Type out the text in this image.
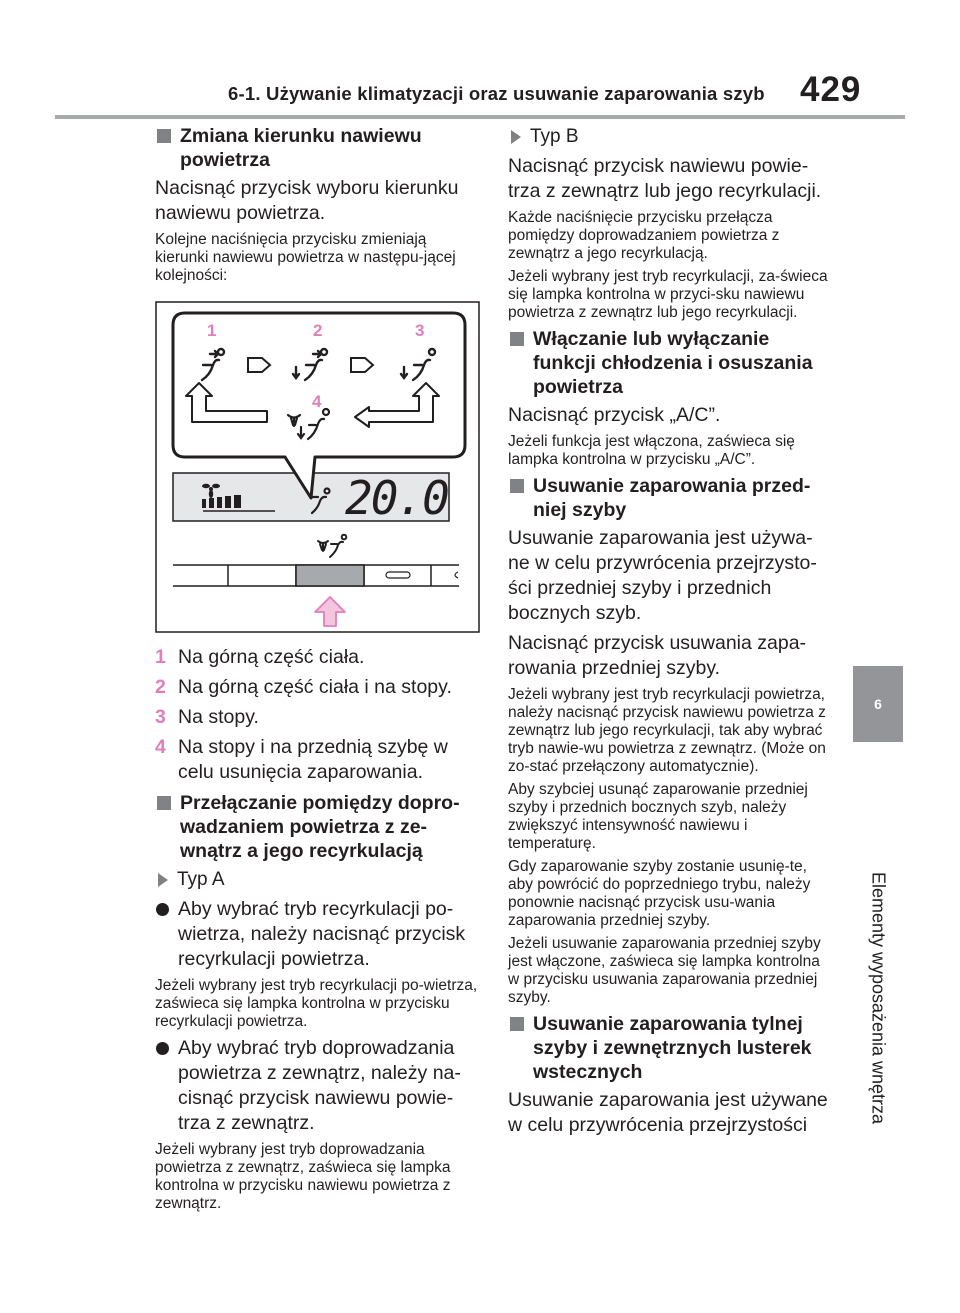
6-1. Używanie klimatyzacji oraz usuwanie zaparowania szyb 429
6
Elementy wyposażenia wnętrza
Zmiana kierunku nawiewu powietrza

Nacisnąć przycisk wyboru kierunku nawiewu powietrza.

Kolejne naciśnięcia przycisku zmieniają kierunki nawiewu powietrza w następu-jącej kolejności:

1	2	3
4
20.0
1 Na górną część ciała.
2 Na górną część ciała i na stopy.
3 Na stopy.
4 Na stopy i na przednią szybę w celu usunięcia zaparowania.
Przełączanie pomiędzy dopro-wadzaniem powietrza z ze-wnątrz a jego recyrkulacją
Typ A
Aby wybrać tryb recyrkulacji po-wietrza, należy nacisnąć przycisk recyrkulacji powietrza.

Jeżeli wybrany jest tryb recyrkulacji po-wietrza, zaświeca się lampka kontrolna w przycisku recyrkulacji powietrza.

Aby wybrać tryb doprowadzania powietrza z zewnątrz, należy na-cisnąć przycisk nawiewu powie-trza z zewnątrz.

Jeżeli wybrany jest tryb doprowadzania powietrza z zewnątrz, zaświeca się lampka kontrolna w przycisku nawiewu powietrza z zewnątrz.

Typ B

Nacisnąć przycisk nawiewu powie-trza z zewnątrz lub jego recyrkulacji.

Każde naciśnięcie przycisku przełącza pomiędzy doprowadzaniem powietrza z zewnątrz a jego recyrkulacją.

Jeżeli wybrany jest tryb recyrkulacji, za-świeca się lampka kontrolna w przyci-sku nawiewu powietrza z zewnątrz lub jego recyrkulacji.

Włączanie lub wyłączanie funkcji chłodzenia i osuszania powietrza

Nacisnąć przycisk „A/C”.

Jeżeli funkcja jest włączona, zaświeca się lampka kontrolna w przycisku „A/C”.

Usuwanie zaparowania przed-niej szyby

Usuwanie zaparowania jest używa-ne w celu przywrócenia przejrzysto-ści przedniej szyby i przednich bocznych szyb.

Nacisnąć przycisk usuwania zapa-rowania przedniej szyby.

Jeżeli wybrany jest tryb recyrkulacji powietrza, należy nacisnąć przycisk nawiewu powietrza z zewnątrz lub jego recyrkulacji, tak aby wybrać tryb nawie-wu powietrza z zewnątrz. (Może on zo-stać przełączony automatycznie).

Aby szybciej usunąć zaparowanie przedniej szyby i przednich bocznych szyb, należy zwiększyć intensywność nawiewu i temperaturę.

Gdy zaparowanie szyby zostanie usunię-te, aby powrócić do poprzedniego trybu, należy ponownie nacisnąć przycisk usu-wania zaparowania przedniej szyby.

Jeżeli usuwanie zaparowania przedniej szyby jest włączone, zaświeca się lampka kontrolna w przycisku usuwania zaparowania przedniej szyby.

Usuwanie zaparowania tylnej szyby i zewnętrznych lusterek wstecznych

Usuwanie zaparowania jest używane w celu przywrócenia przejrzystości
